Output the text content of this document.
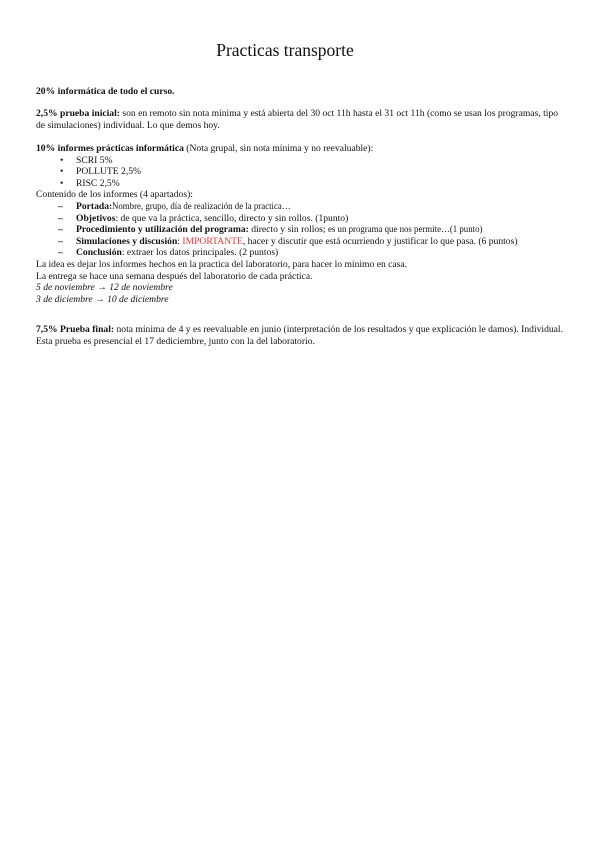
Practicas transporte

20% informática de todo el curso.

2,5% prueba inicial: son en remoto sin nota mínima y está abierta del 30 oct 11h hasta el 31 oct 11h (como se usan los programas, tipo de simulaciones) individual. Lo que demos hoy.

10% informes prácticas informática (Nota grupal, sin nota mínima y no reevaluable):

• SCRI 5%
• POLLUTE 2,5%
• RISC 2,5%

Contenido de los informes (4 apartados):

– Portada:Nombre, grupo, día de realización de la practica…
– Objetivos: de que va la práctica, sencillo, directo y sin rollos. (1punto)
– Procedimiento y utilización del programa: directo y sin rollos; es un programa que nos permite…(1 punto)
– Simulaciones y discusión: IMPORTANTE, hacer y discutir que está ocurriendo y justificar lo que pasa. (6 puntos)
– Conclusión: extraer los datos principales. (2 puntos)

La idea es dejar los informes hechos en la practica del laboratorio, para hacer lo mínimo en casa.

La entrega se hace una semana después del laboratorio de cada práctica.

5 de noviembre → 12 de noviembre

3 de diciembre → 10 de diciembre

7,5% Prueba final: nota mínima de 4 y es reevaluable en junio (interpretación de los resultados y que explicación le damos). Individual. Esta prueba es presencial el 17 dediciembre, junto con la del laboratorio.
